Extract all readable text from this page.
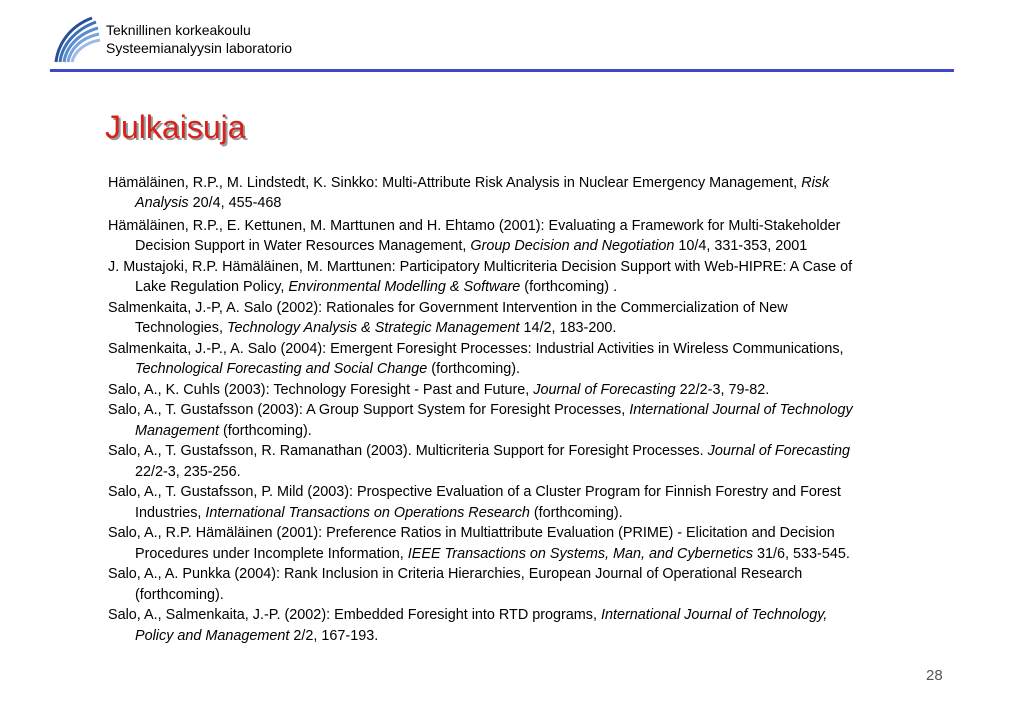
Teknillinen korkeakoulu
Systeemianalyysin laboratorio
Julkaisuja

Hämäläinen, R.P., M. Lindstedt, K. Sinkko: Multi-Attribute Risk Analysis in Nuclear Emergency Management, Risk

Analysis 20/4, 455-468

Hämäläinen, R.P., E. Kettunen, M. Marttunen and H. Ehtamo (2001): Evaluating a Framework for Multi-Stakeholder
Decision Support in Water Resources Management, Group Decision and Negotiation 10/4, 331-353, 2001

J. Mustajoki, R.P. Hämäläinen, M. Marttunen: Participatory Multicriteria Decision Support with Web-HIPRE: A Case of
Lake Regulation Policy, Environmental Modelling & Software (forthcoming) .

Salmenkaita, J.-P, A. Salo (2002): Rationales for Government Intervention in the Commercialization of New
Technologies, Technology Analysis & Strategic Management 14/2, 183-200.

Salmenkaita, J.-P., A. Salo (2004): Emergent Foresight Processes: Industrial Activities in Wireless Communications,
Technological Forecasting and Social Change (forthcoming).

Salo, A., K. Cuhls (2003): Technology Foresight - Past and Future, Journal of Forecasting 22/2-3, 79-82.

Salo, A., T. Gustafsson (2003): A Group Support System for Foresight Processes, International Journal of Technology
Management (forthcoming).

Salo, A., T. Gustafsson, R. Ramanathan (2003). Multicriteria Support for Foresight Processes. Journal of Forecasting
22/2-3, 235-256.

Salo, A., T. Gustafsson, P. Mild (2003): Prospective Evaluation of a Cluster Program for Finnish Forestry and Forest
Industries, International Transactions on Operations Research (forthcoming).

Salo, A., R.P. Hämäläinen (2001): Preference Ratios in Multiattribute Evaluation (PRIME) - Elicitation and Decision
Procedures under Incomplete Information, IEEE Transactions on Systems, Man, and Cybernetics 31/6, 533-545.

Salo, A., A. Punkka (2004): Rank Inclusion in Criteria Hierarchies, European Journal of Operational Research
(forthcoming).

Salo, A., Salmenkaita, J.-P. (2002): Embedded Foresight into RTD programs, International Journal of Technology,
Policy and Management 2/2, 167-193.

28
